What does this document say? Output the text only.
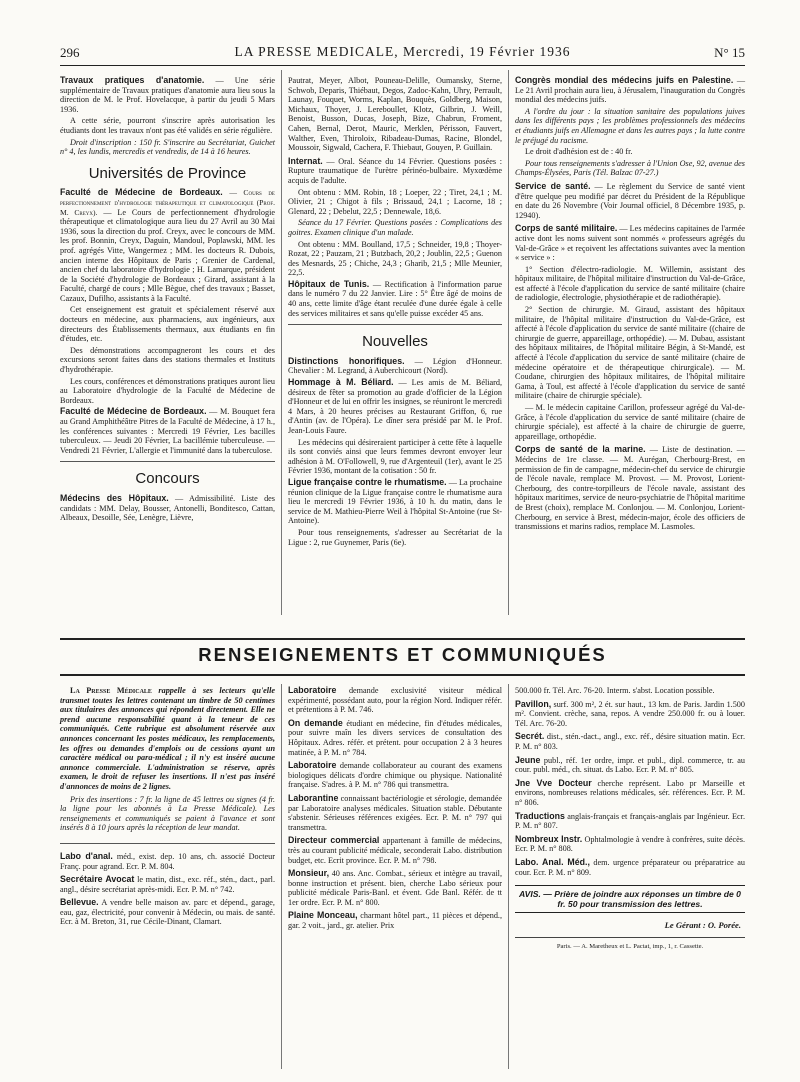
296	LA PRESSE MEDICALE, Mercredi, 19 Février 1936	N° 15

Travaux pratiques d'anatomie. — Une série supplémentaire de Travaux pratiques d'anatomie aura lieu sous la direction de M. le Prof. Hovelacque, à partir du jeudi 5 Mars 1936.

A cette série, pourront s'inscrire après autorisation les étudiants dont les travaux n'ont pas été validés en série régulière.

Droit d'inscription : 150 fr. S'inscrire au Secrétariat, Guichet n° 4, les lundis, mercredis et vendredis, de 14 à 16 heures.

Universités de Province

Faculté de Médecine de Bordeaux. — Cours de perfectionnement d'hydrologie thérapeutique et climatologique (Prof. M. Creyx). — Le Cours de perfectionnement d'hydrologie thérapeutique et climatologique aura lieu du 27 Avril au 30 Mai 1936, sous la direction du prof. Creyx, avec le concours de MM. les prof. Bonnin, Creyx, Daguin, Mandoul, Poplawski, MM. les prof. agrégés Vitte, Wangermez ; MM. les docteurs R. Dubois, ancien interne des Hôpitaux de Paris ; Grenier de Cardenal, ancien chef du laboratoire d'hydrologie ; H. Lamarque, président de la Société d'hydrologie de Bordeaux ; Girard, assistant à la Faculté, chargé de cours ; Mlle Bègue, chef des travaux ; Basset, Cazaux, Dufilho, assistants à la Faculté.

Cet enseignement est gratuit et spécialement réservé aux docteurs en médecine, aux pharmaciens, aux ingénieurs, aux directeurs des Établissements thermaux, aux étudiants en fin d'études, etc.

Des démonstrations accompagneront les cours et des excursions seront faites dans des stations thermales et Instituts d'hydrothérapie.

Les cours, conférences et démonstrations pratiques auront lieu au Laboratoire d'hydrologie de la Faculté de Médecine de Bordeaux.

Faculté de Médecine de Bordeaux. — M. Bouquet fera au Grand Amphithéâtre Pitres de la Faculté de Médecine, à 17 h., les conférences suivantes : Mercredi 19 Février, Les bacilles tuberculeux. — Jeudi 20 Février, La bacillémie tuberculeuse. — Vendredi 21 Février, L'allergie et l'immunité dans la tuberculose.

Concours

Médecins des Hôpitaux. — Admissibilité. Liste des candidats : MM. Delay, Bousser, Antonelli, Bonditesco, Cattan, Albeaux, Desoille, Sée, Lenègre, Lièvre,

Pautrat, Meyer, Albot, Pouneau-Delille, Oumansky, Sterne, Schwob, Deparis, Thiébaut, Degos, Zadoc-Kahn, Uhry, Perrault, Launay, Fouquet, Worms, Kaplan, Bouquès, Goldberg, Maison, Michaux, Thoyer, J. Lereboullet, Klotz, Gilbrin, J. Weill, Benoist, Busson, Ducas, Joseph, Bize, Chabrun, Froment, Cahen, Bernal, Derot, Mauric, Merklen, Périsson, Fauvert, Walther, Even, Thiroloix, Ribadeau-Dumas, Racine, Blondel, Moussoir, Sigwald, Cachera, F. Thiebaut, Gouyen, P. Guillain.

Internat. — Oral. Séance du 14 Février. Questions posées : Rupture traumatique de l'urètre périnéo-bulbaire. Myxœdème acquis de l'adulte.

Ont obtenu : MM. Robin, 18 ; Loeper, 22 ; Tiret, 24,1 ; M. Olivier, 21 ; Chigot à fils ; Brissaud, 24,1 ; Lacorne, 18 ; Glenard, 22 ; Debelut, 22,5 ; Dennewale, 18,6.

Séance du 17 Février. Questions posées : Complications des goitres. Examen clinique d'un malade.

Ont obtenu : MM. Boulland, 17,5 ; Schneider, 19,8 ; Thoyer-Rozat, 22 ; Pauzam, 21 ; Butzbach, 20,2 ; Joublin, 22,5 ; Guenon des Mesnards, 25 ; Chiche, 24,3 ; Gharib, 21,5 ; Mlle Meunier, 22,5.

Hôpitaux de Tunis. — Rectification à l'information parue dans le numéro 7 du 22 Janvier. Lire : 5° Être âgé de moins de 40 ans, cette limite d'âge étant reculée d'une durée égale à celle des services militaires et sans qu'elle puisse excéder 45 ans.

Nouvelles

Distinctions honorifiques. — Légion d'Honneur. Chevalier : M. Legrand, à Auberchicourt (Nord).

Hommage à M. Béliard. — Les amis de M. Béliard, désireux de fêter sa promotion au grade d'officier de la Légion d'Honneur et de lui en offrir les insignes, se réuniront le mercredi 4 Mars, à 20 heures précises au Restaurant Griffon, 6, rue d'Antin (av. de l'Opéra). Le dîner sera présidé par M. le Prof. Jean-Louis Faure.

Les médecins qui désireraient participer à cette fête à laquelle ils sont conviés ainsi que leurs femmes devront envoyer leur adhésion à M. O'Followell, 9, rue d'Argenteuil (1er), avant le 25 Février 1936, montant de la cotisation : 50 fr.

Ligue française contre le rhumatisme. — La prochaine réunion clinique de la Ligue française contre le rhumatisme aura lieu le mercredi 19 Février 1936, à 10 h. du matin, dans le service de M. Mathieu-Pierre Weil à l'hôpital St-Antoine (rue St-Antoine).

Pour tous renseignements, s'adresser au Secrétariat de la Ligue : 2, rue Guynemer, Paris (6e).

Congrès mondial des médecins juifs en Palestine. — Le 21 Avril prochain aura lieu, à Jérusalem, l'inauguration du Congrès mondial des médecins juifs.

A l'ordre du jour : la situation sanitaire des populations juives dans les différents pays ; les problèmes professionnels des médecins et étudiants juifs en Allemagne et dans les autres pays ; la lutte contre le préjugé du racisme.

Le droit d'adhésion est de : 40 fr.

Pour tous renseignements s'adresser à l'Union Ose, 92, avenue des Champs-Élysées, Paris (Tél. Balzac 07-27.)

Service de santé. — Le règlement du Service de santé vient d'être quelque peu modifié par décret du Président de la République en date du 26 Novembre (Voir Journal officiel, 8 Décembre 1935, p. 12940).

Corps de santé militaire. — Les médecins capitaines de l'armée active dont les noms suivent sont nommés « professeurs agrégés du Val-de-Grâce » et reçoivent les affectations suivantes avec la mention « service » :

1° Section d'électro-radiologie. M. Willemin, assistant des hôpitaux militaire, de l'hôpital militaire d'instruction du Val-de-Grâce, est affecté à l'école d'application du service de santé militaire (chaire de radiologie, électrologie, physiothérapie et de radiothérapie).

2° Section de chirurgie. M. Giraud, assistant des hôpitaux militaire, de l'hôpital militaire d'instruction du Val-de-Grâce, est affecté à l'école d'application du service de santé militaire ((chaire de chirurgie de guerre, appareillage, orthopédie). — M. Dubau, assistant des hôpitaux militaires, de l'hôpital militaire Bégin, à St-Mandé, est affecté à l'école d'application du service de santé militaire (chaire de médecine opératoire et de thérapeutique chirurgicale). — M. Coudane, chirurgien des hôpitaux militaires, de l'hôpital militaire Gama, à Toul, est affecté à l'école d'application du service de santé militaire (chaire de chirurgie spéciale).

— M. le médecin capitaine Carillon, professeur agrégé du Val-de-Grâce, à l'école d'application du service de santé militaire (chaire de chirurgie spéciale), est affecté à la chaire de chirurgie de guerre, appareillage, orthopédie.

Corps de santé de la marine. — Liste de destination. — Médecins de 1re classe. — M. Aurégan, Cherbourg-Brest, en permission de fin de campagne, médecin-chef du service de chirurgie de l'école navale, remplace M. Provost. — M. Provost, Lorient-Cherbourg, des contre-torpilleurs de l'école navale, assistant des hôpitaux maritimes, service de neuro-psychiatrie de l'hôpital maritime de Brest (choix), remplace M. Conlonjou. — M. Conlonjou, Lorient-Cherbourg, en service à Brest, médecin-major, école des officiers de transmissions et marins radios, remplace M. Lasmoles.

RENSEIGNEMENTS ET COMMUNIQUÉS

La Presse Médicale rappelle à ses lecteurs qu'elle transmet toutes les lettres contenant un timbre de 50 centimes aux titulaires des annonces qui répondent directement. Elle ne prend aucune responsabilité quant à la teneur de ces communiqués. Cette rubrique est absolument réservée aux annonces concernant les postes médicaux, les remplacements, les offres ou demandes d'emplois ou de cessions ayant un caractère médical ou para-médical ; il n'y est inséré aucune annonce commerciale. L'administration se réserve, après examen, le droit de refuser les insertions. Il n'est pas inséré d'annonces de moins de 2 lignes.

Prix des insertions : 7 fr. la ligne de 45 lettres ou signes (4 fr. la ligne pour les abonnés à La Presse Médicale). Les renseignements et communiqués se paient à l'avance et sont insérés 8 à 10 jours après la réception de leur mandat.

Labo d'anal. méd., exist. dep. 10 ans, ch. associé Docteur Franç. pour agrand. Ecr. P. M. 804.

Secrétaire Avocat le matin, dist., exc. réf., stén., dact., parl. angl., désire secrétariat après-midi. Ecr. P. M. n° 742.

Bellevue. A vendre belle maison av. parc et dépend., garage, eau, gaz, électricité, pour convenir à Médecin, ou mais. de santé. Ecr. à M. Breton, 31, rue Cécile-Dinant, Clamart.

Laboratoire demande exclusivité visiteur médical expérimenté, possédant auto, pour la région Nord. Indiquer référ. et prétentions à P. M. 746.

On demande étudiant en médecine, fin d'études médicales, pour suivre maîn les divers services de consultation des Hôpitaux. Adres. référ. et prétent. pour occupation 2 à 3 heures matinée, à P. M. n° 784.

Laboratoire demande collaborateur au courant des examens biologiques délicats d'ordre chimique ou physique. Nationalité française. S'adres. à P. M. n° 786 qui transmettra.

Laborantine connaissant bactériologie et sérologie, demandée par Laboratoire analyses médicales. Situation stable. Débutante s'abstenir. Sérieuses références exigées. Ecr. P. M. n° 797 qui transmettra.

Directeur commercial appartenant à famille de médecins, très au courant publicité médicale, seconderait Labo. distribution budget, etc. Ecrit province. Ecr. P. M. n° 798.

Monsieur, 40 ans. Anc. Combat., sérieux et intègre au travail, bonne instruction et présent. bien, cherche Labo sérieux pour publicité médicale Paris-Banl. et évent. Gde Banl. Référ. de tt 1er ordre. Ecr. P. M. n° 800.

Plaine Monceau, charmant hôtel part., 11 pièces et dépend., gar. 2 voit., jard., gr. atelier. Prix

500.000 fr. Tél. Arc. 76-20. Interm. s'abst. Location possible.

Pavillon, surf. 300 m², 2 ét. sur haut., 13 km. de Paris. Jardin 1.500 m². Convient. crèche, sana, repos. A vendre 250.000 fr. ou à louer. Tél. Arc. 76-20.

Secrét. dist., stén.-dact., angl., exc. réf., désire situation matin. Ecr. P. M. n° 803.

Jeune publ., réf. 1er ordre, impr. et publ., dipl. commerce, tr. au cour. publ. méd., ch. situat. ds Labo. Ecr. P. M. n° 805.

Jne Vve Docteur cherche représent. Labo pr Marseille et environs, nombreuses relations médicales, sér. références. Ecr. P. M. n° 806.

Traductions anglais-français et français-anglais par Ingénieur. Ecr. P. M. n° 807.

Nombreux Instr. Ophtalmologie à vendre à confrères, suite décès. Ecr. P. M. n° 808.

Labo. Anal. Méd., dem. urgence préparateur ou préparatrice au cour. Ecr. P. M. n° 809.

AVIS. — Prière de joindre aux réponses un timbre de 0 fr. 50 pour transmission des lettres.
Le Gérant : O. Porée.
Paris. — A. Maretheux et L. Pactat, imp., 1, r. Cassette.
